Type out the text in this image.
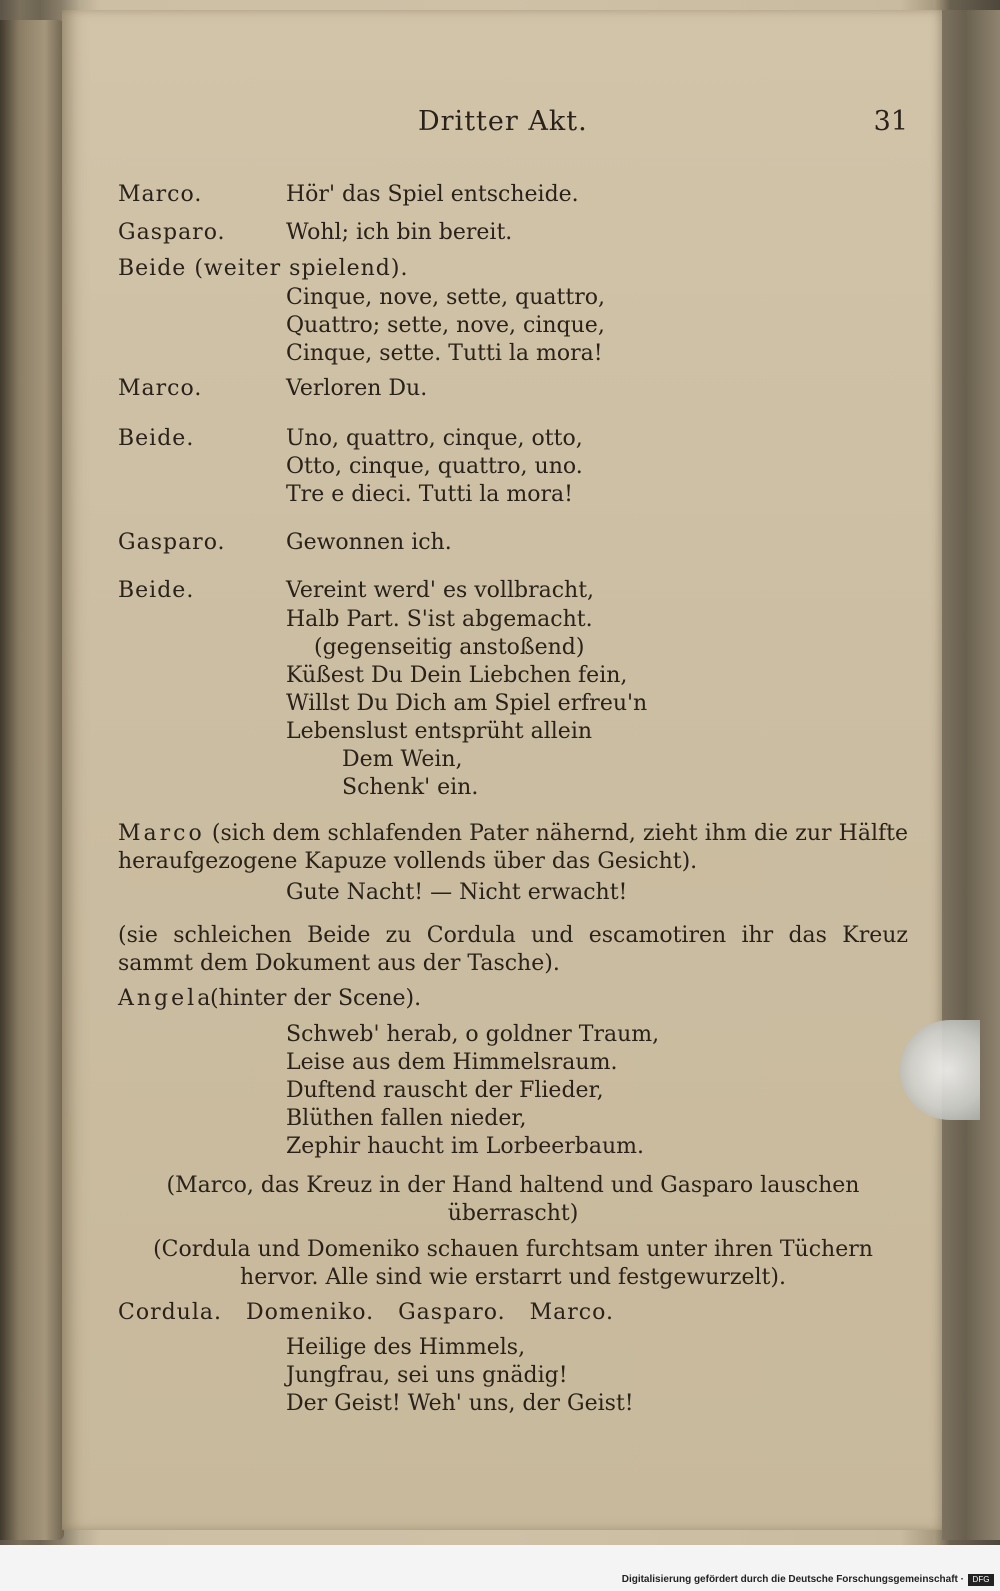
Dritter Akt.	31
Marco.	Hör' das Spiel entscheide.
Gasparo.	Wohl; ich bin bereit.
Beide (weiter spielend).
Cinque, nove, sette, quattro,
Quattro; sette, nove, cinque,
Cinque, sette. Tutti la mora!
Marco.	Verloren Du.
Beide.	Uno, quattro, cinque, otto,
Otto, cinque, quattro, uno.
Tre e dieci. Tutti la mora!
Gasparo.	Gewonnen ich.
Beide.	Vereint werd' es vollbracht,
Halb Part. S'ist abgemacht.
(gegenseitig anstoßend)
Küßest Du Dein Liebchen fein,
Willst Du Dich am Spiel erfreu'n
Lebenslust entsprüht allein
Dem Wein,
Schenk' ein.
Marco (sich dem schlafenden Pater nähernd, zieht ihm die zur Hälfte heraufgezogene Kapuze vollends über das Gesicht).
Gute Nacht! — Nicht erwacht!
(sie schleichen Beide zu Cordula und escamotiren ihr das Kreuz sammt dem Dokument aus der Tasche).
Angela
(hinter der Scene).
Schweb' herab, o goldner Traum,
Leise aus dem Himmelsraum.
Duftend rauscht der Flieder,
Blüthen fallen nieder,
Zephir haucht im Lorbeerbaum.
(Marco, das Kreuz in der Hand haltend und Gasparo lauschen
überrascht)
(Cordula und Domeniko schauen furchtsam unter ihren Tüchern
hervor. Alle sind wie erstarrt und festgewurzelt).
Cordula.   Domeniko.   Gasparo.   Marco.
Heilige des Himmels,
Jungfrau, sei uns gnädig!
Der Geist! Weh' uns, der Geist!
Digitalisierung gefördert durch die Deutsche Forschungsgemeinschaft ·	DFG
